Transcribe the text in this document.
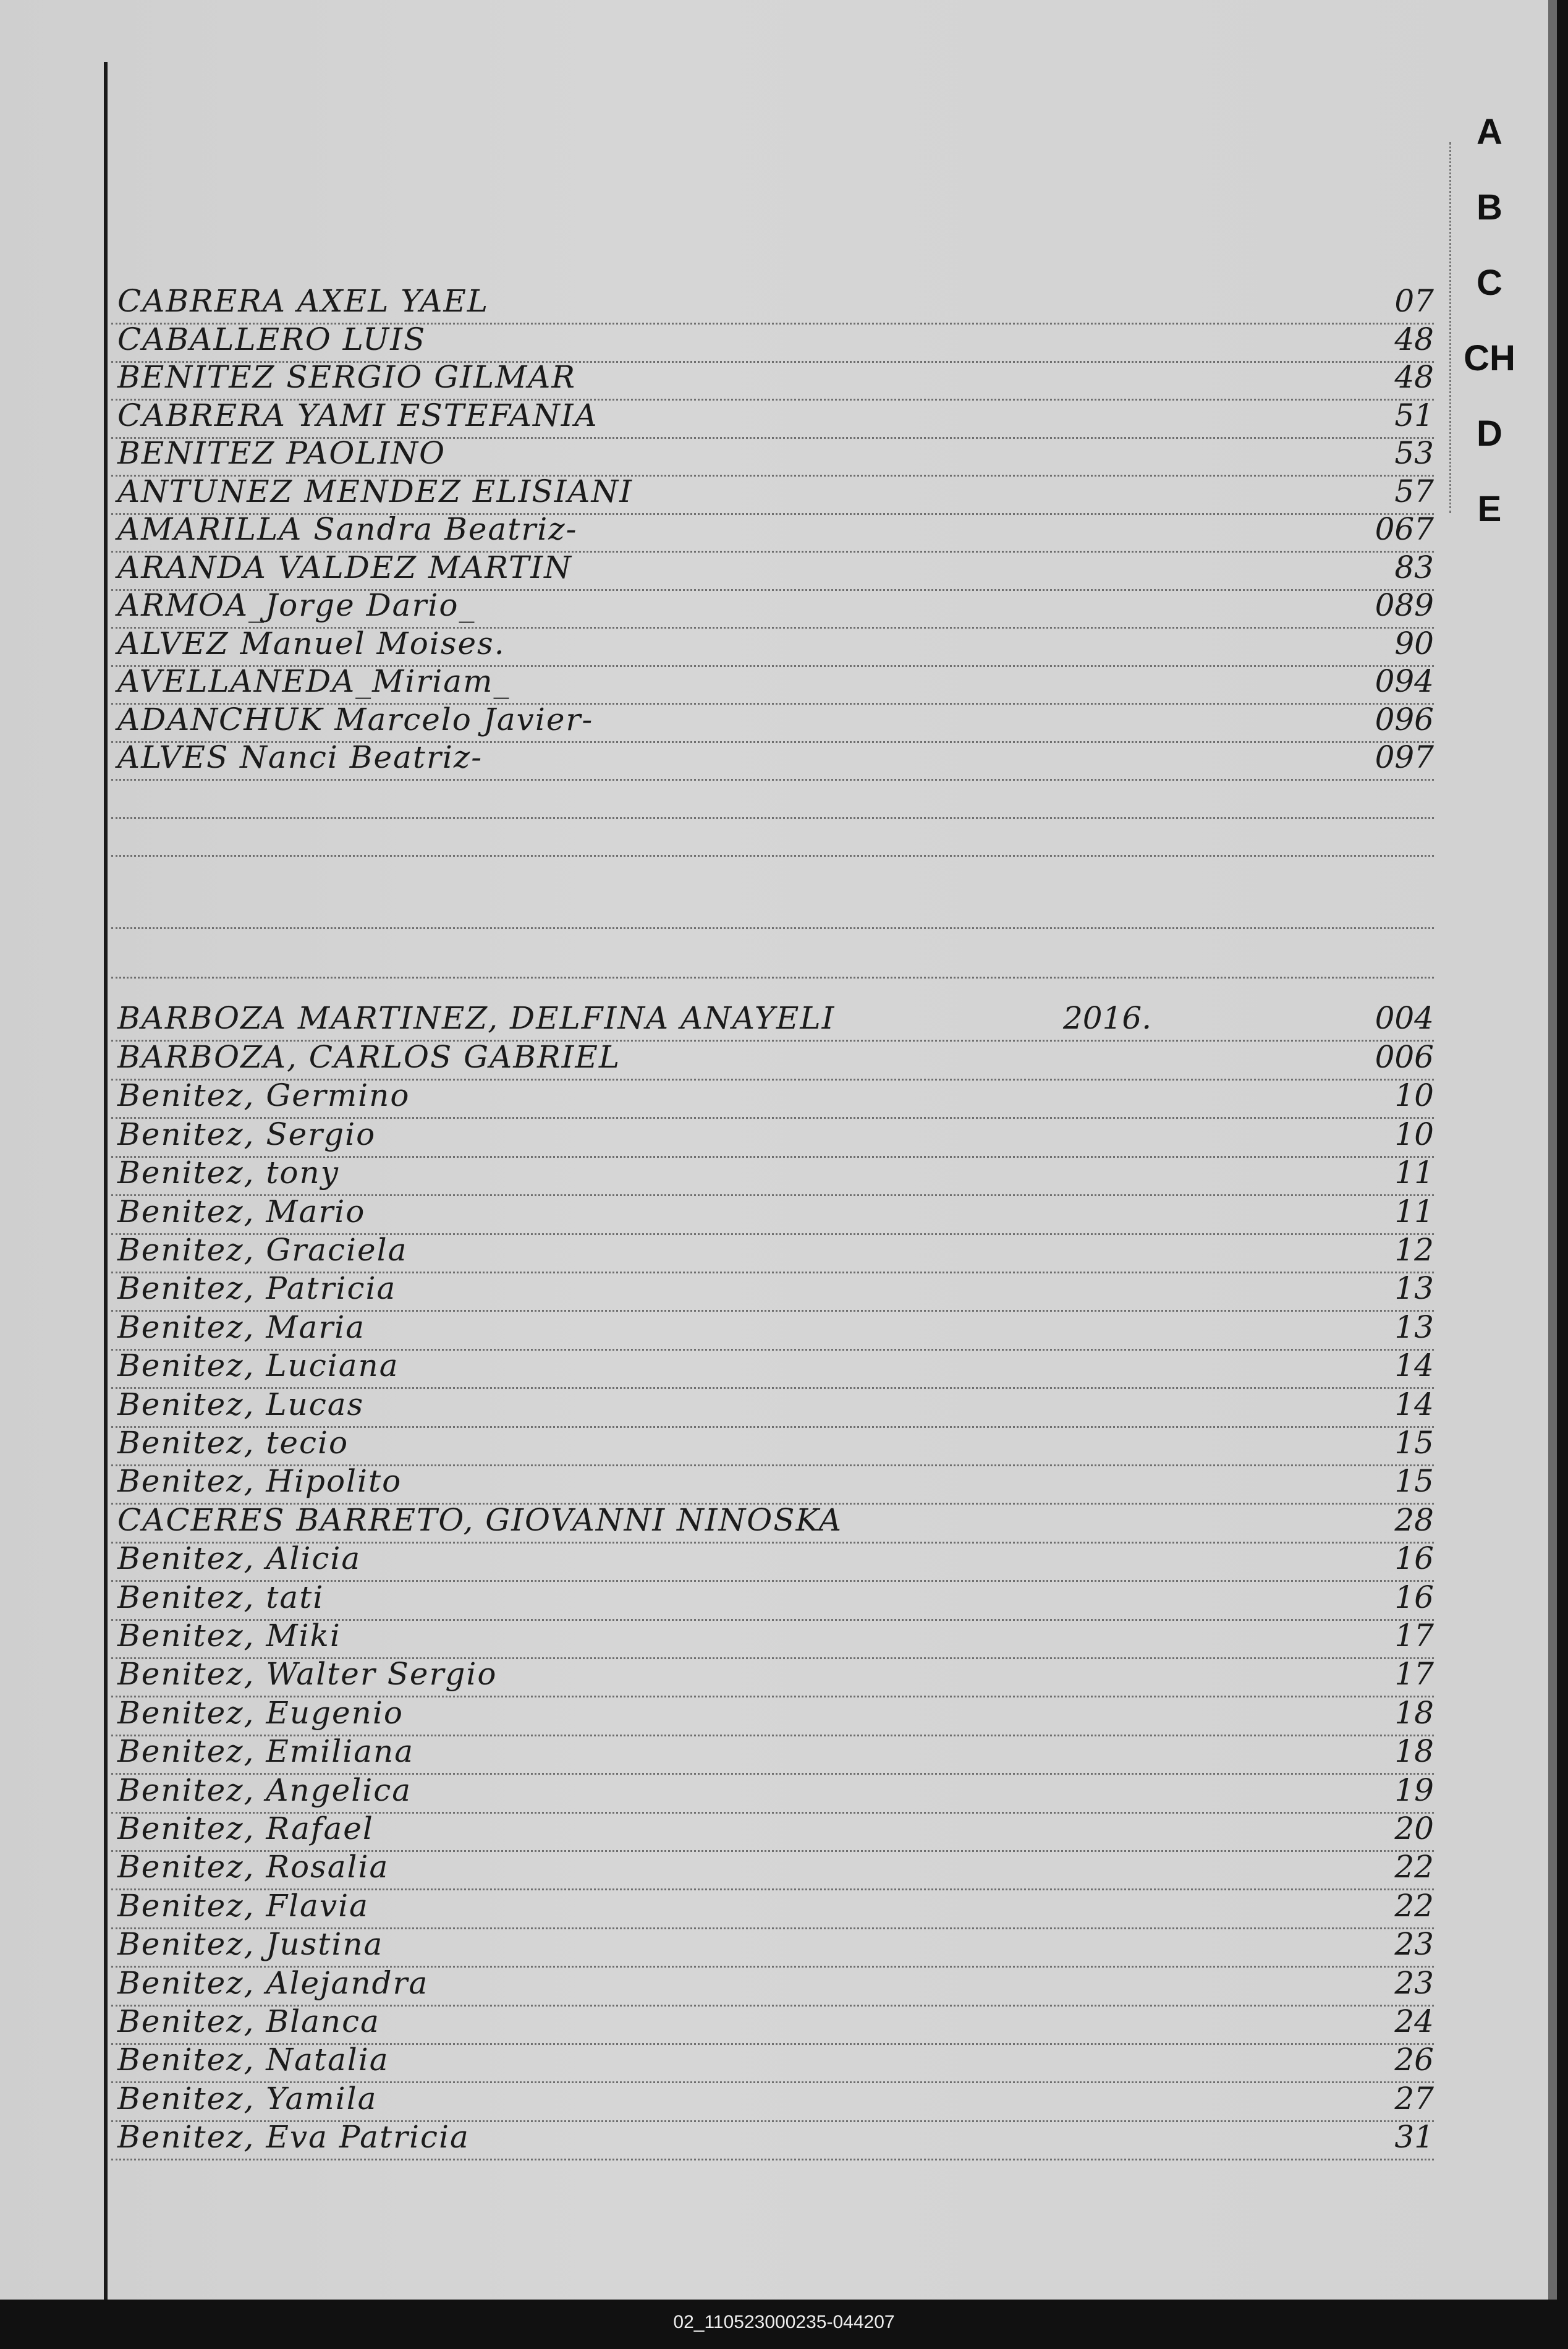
A
B
C
CH
D
E
CABRERA AXEL YAEL	07
CABALLERO LUIS	48
BENITEZ SERGIO GILMAR	48
CABRERA YAMI ESTEFANIA	51
BENITEZ PAOLINO	53
ANTUNEZ MENDEZ ELISIANI	57
AMARILLA Sandra Beatriz-	067
ARANDA VALDEZ MARTIN	83
ARMOA_Jorge Dario_	089
ALVEZ Manuel Moises.	90
AVELLANEDA_Miriam_	094
ADANCHUK Marcelo Javier-	096
ALVES Nanci Beatriz-	097
BARBOZA MARTINEZ, DELFINA ANAYELI	2016.	004
BARBOZA, CARLOS GABRIEL	006
Benitez, Germino	10
Benitez, Sergio	10
Benitez, tony	11
Benitez, Mario	11
Benitez, Graciela	12
Benitez, Patricia	13
Benitez, Maria	13
Benitez, Luciana	14
Benitez, Lucas	14
Benitez, tecio	15
Benitez, Hipolito	15
CACERES BARRETO, GIOVANNI NINOSKA	28
Benitez, Alicia	16
Benitez, tati	16
Benitez, Miki	17
Benitez, Walter Sergio	17
Benitez, Eugenio	18
Benitez, Emiliana	18
Benitez, Angelica	19
Benitez, Rafael	20
Benitez, Rosalia	22
Benitez, Flavia	22
Benitez, Justina	23
Benitez, Alejandra	23
Benitez, Blanca	24
Benitez, Natalia	26
Benitez, Yamila	27
Benitez, Eva Patricia	31
02_110523000235-044207
